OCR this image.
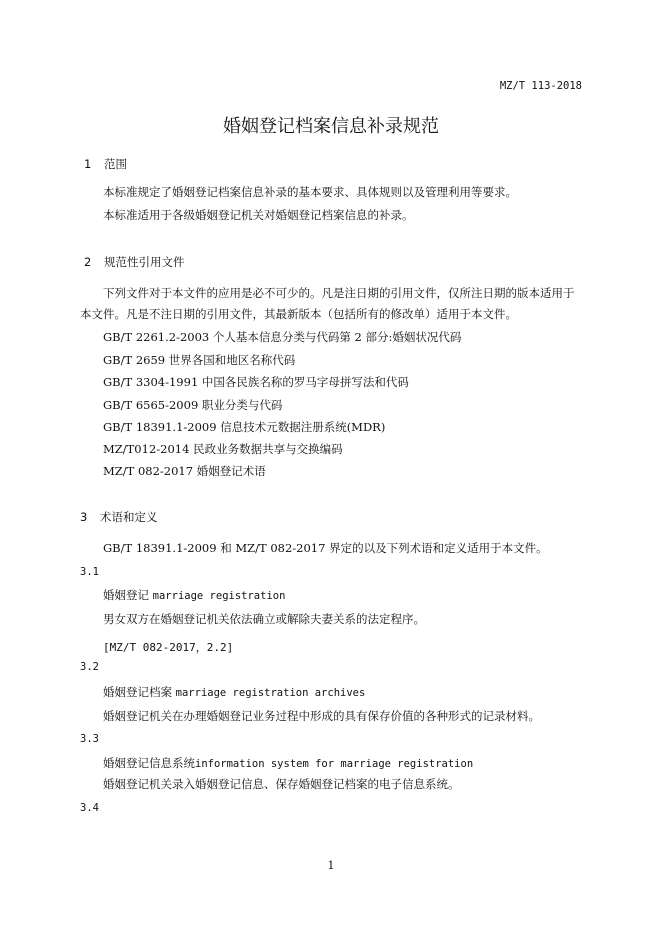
MZ/T 113-2018
婚姻登记档案信息补录规范
1 范围
本标准规定了婚姻登记档案信息补录的基本要求、具体规则以及管理利用等要求。
本标准适用于各级婚姻登记机关对婚姻登记档案信息的补录。
2 规范性引用文件
下列文件对于本文件的应用是必不可少的。凡是注日期的引用文件，仅所注日期的版本适用于
本文件。凡是不注日期的引用文件，其最新版本（包括所有的修改单）适用于本文件。
GB/T 2261.2-2003 个人基本信息分类与代码第 2 部分:婚姻状况代码
GB/T 2659 世界各国和地区名称代码
GB/T 3304-1991 中国各民族名称的罗马字母拼写法和代码
GB/T 6565-2009 职业分类与代码
GB/T 18391.1-2009 信息技术元数据注册系统(MDR)
MZ/T012-2014 民政业务数据共享与交换编码
MZ/T 082-2017 婚姻登记术语
3 术语和定义
GB/T 18391.1-2009 和 MZ/T 082-2017 界定的以及下列术语和定义适用于本文件。
3.1
婚姻登记 marriage registration
男女双方在婚姻登记机关依法确立或解除夫妻关系的法定程序。
[MZ/T 082-2017，2.2]
3.2
婚姻登记档案 marriage registration archives
婚姻登记机关在办理婚姻登记业务过程中形成的具有保存价值的各种形式的记录材料。
3.3
婚姻登记信息系统information system for marriage registration
婚姻登记机关录入婚姻登记信息、保存婚姻登记档案的电子信息系统。
3.4
1
